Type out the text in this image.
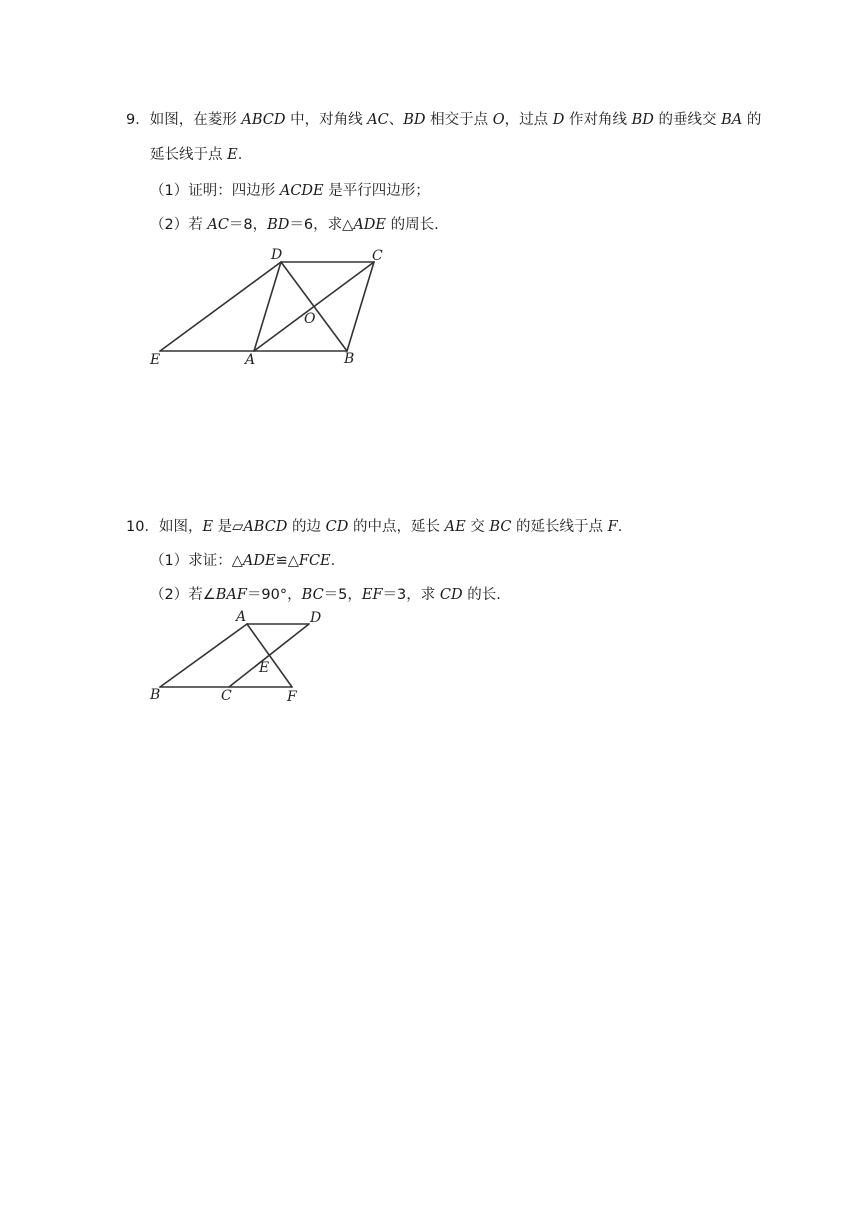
9．如图，在菱形 ABCD 中，对角线 AC、BD 相交于点 O，过点 D 作对角线 BD 的垂线交 BA 的
延长线于点 E.
（1）证明：四边形 ACDE 是平行四边形；
（2）若 AC＝8，BD＝6，求△ADE 的周长.
D	C
O
E	A	B
A	D
E
B	C	F
10．如图，E 是▱ABCD 的边 CD 的中点，延长 AE 交 BC 的延长线于点 F.
（1）求证：△ADE≌△FCE.
（2）若∠BAF＝90°，BC＝5，EF＝3，求 CD 的长.
